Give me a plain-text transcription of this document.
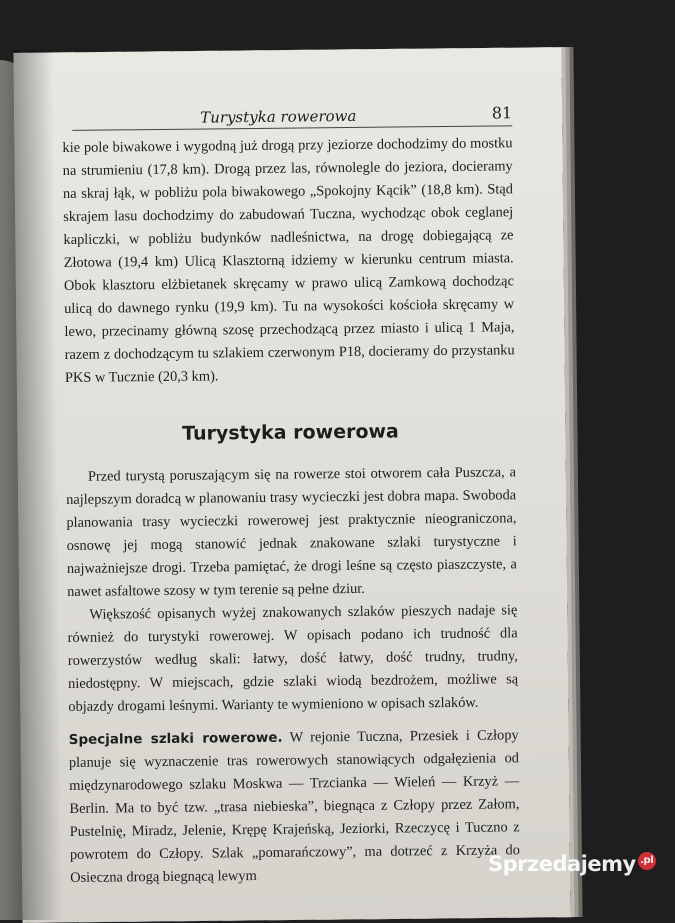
Turystyka rowerowa	81

kie pole biwakowe i wygodną już drogą przy jeziorze dochodzimy do mostku na strumieniu (17,8 km). Drogą przez las, równolegle do jeziora, docieramy na skraj łąk, w pobliżu pola biwakowego „Spokojny Kącik” (18,8 km). Stąd skrajem lasu dochodzimy do zabudowań Tuczna, wychodząc obok ceglanej kapliczki, w pobliżu budynków nadleśnictwa, na drogę dobiegającą ze Złotowa (19,4 km) Ulicą Klasztorną idziemy w kierunku centrum miasta. Obok klasztoru elżbietanek skręcamy w prawo ulicą Zamkową dochodząc ulicą do dawnego rynku (19,9 km). Tu na wysokości kościoła skręcamy w lewo, przecinamy główną szosę przechodzącą przez miasto i ulicą 1 Maja, razem z dochodzącym tu szlakiem czerwonym P18, docieramy do przystanku PKS w Tucznie (20,3 km).

Turystyka rowerowa

Przed turystą poruszającym się na rowerze stoi otworem cała Puszcza, a najlepszym doradcą w planowaniu trasy wycieczki jest dobra mapa. Swoboda planowania trasy wycieczki rowerowej jest praktycznie nieograniczona, osnowę jej mogą stanowić jednak znakowane szlaki turystyczne i najważniejsze drogi. Trzeba pamiętać, że drogi leśne są często piaszczyste, a nawet asfaltowe szosy w tym terenie są pełne dziur.

Większość opisanych wyżej znakowanych szlaków pieszych nadaje się również do turystyki rowerowej. W opisach podano ich trudność dla rowerzystów według skali: łatwy, dość łatwy, dość trudny, trudny, niedostępny. W miejscach, gdzie szlaki wiodą bezdrożem, możliwe są objazdy drogami leśnymi. Warianty te wymieniono w opisach szlaków.

Specjalne szlaki rowerowe. W rejonie Tuczna, Przesiek i Człopy planuje się wyznaczenie tras rowerowych stanowiących odgałęzienia od międzynarodowego szlaku Moskwa — Trzcianka — Wieleń — Krzyż — Berlin. Ma to być tzw. „trasa niebieska”, biegnąca z Człopy przez Załom, Pustelnię, Miradz, Jelenie, Krępę Krajeńską, Jeziorki, Rzeczycę i Tuczno z powrotem do Człopy. Szlak „pomarańczowy”, ma dotrzeć z Krzyża do Osieczna drogą biegnącą lewym

Sprzedajemy .pl
